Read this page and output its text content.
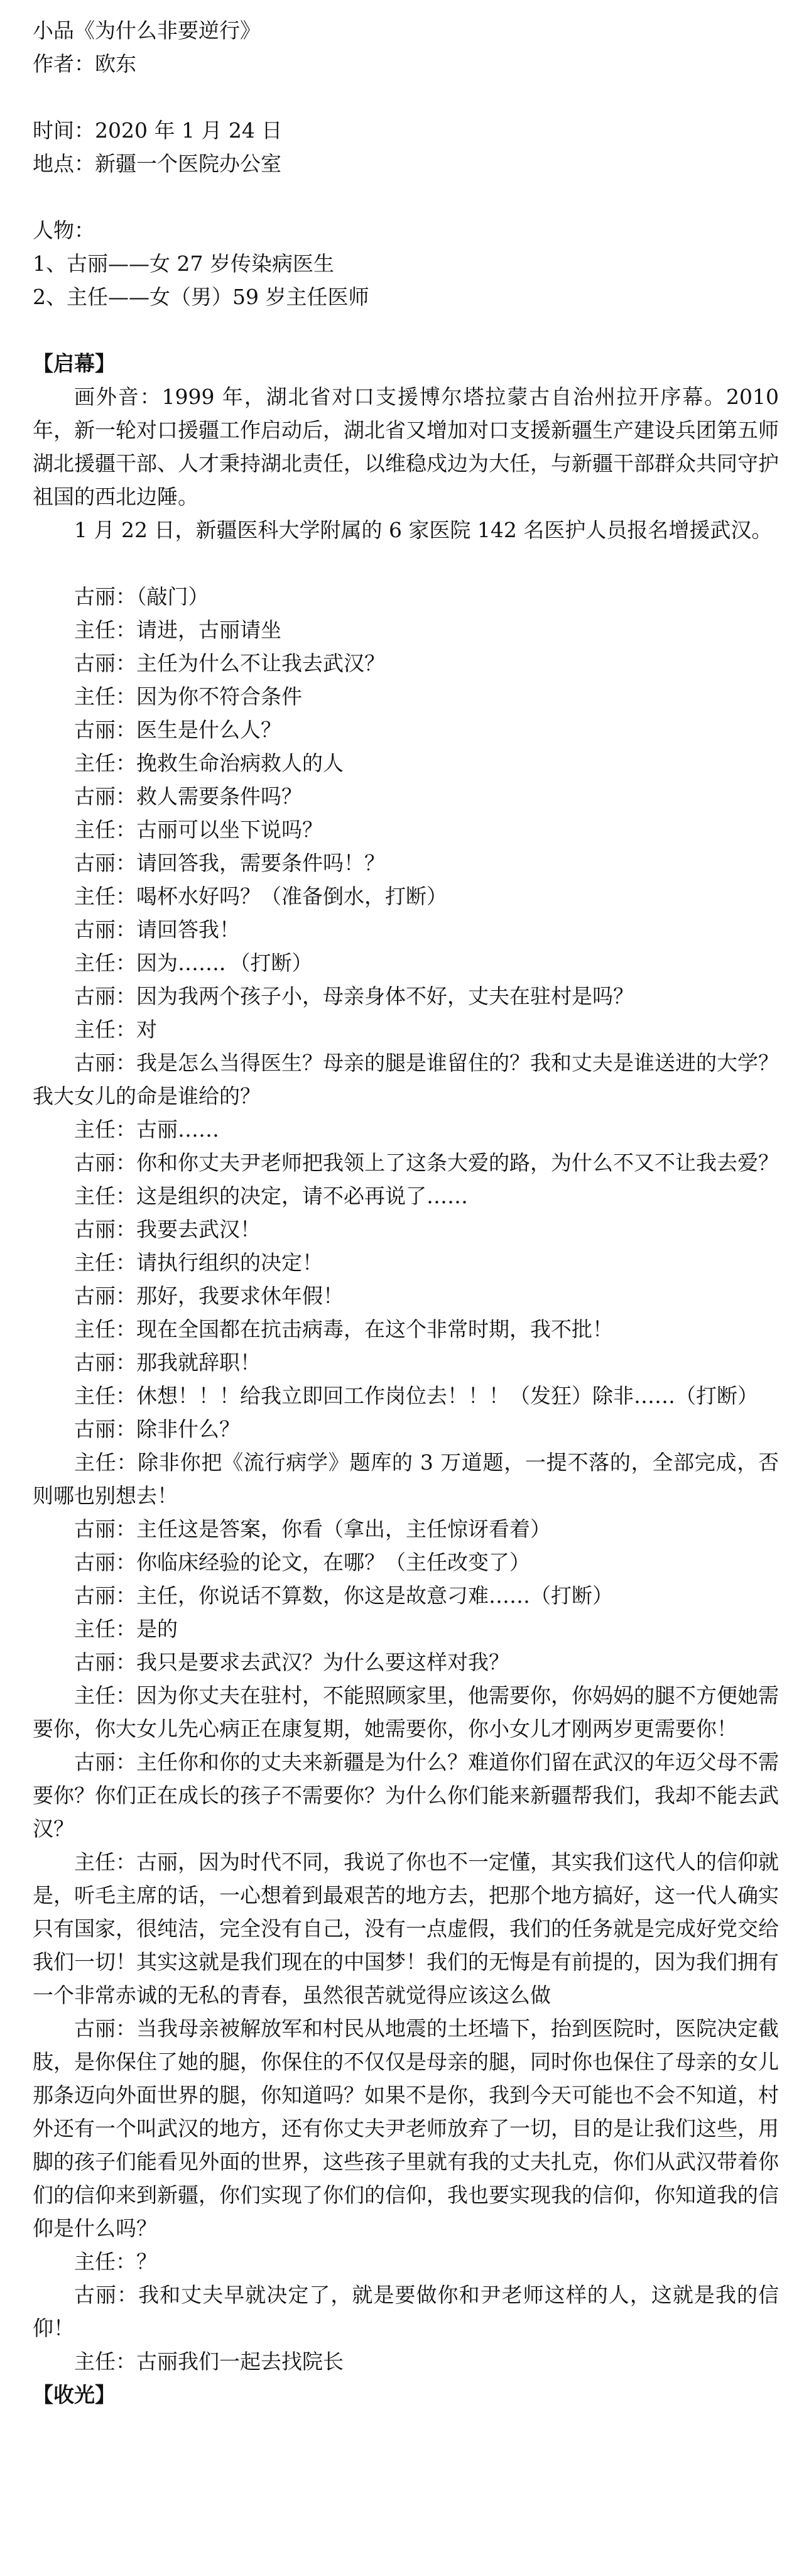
小品《为什么非要逆行》
作者：欧东
时间：2020 年 1 月 24 日
地点：新疆一个医院办公室
人物：
1、古丽——女 27 岁传染病医生
2、主任——女（男）59 岁主任医师
【启幕】
画外音：1999 年，湖北省对口支援博尔塔拉蒙古自治州拉开序幕。2010 年，新一轮对口援疆工作启动后，湖北省又增加对口支援新疆生产建设兵团第五师湖北援疆干部、人才秉持湖北责任，以维稳戍边为大任，与新疆干部群众共同守护祖国的西北边陲。
1 月 22 日，新疆医科大学附属的 6 家医院 142 名医护人员报名增援武汉。
古丽：（敲门）
主任：请进，古丽请坐
古丽：主任为什么不让我去武汉？
主任：因为你不符合条件
古丽：医生是什么人？
主任：挽救生命治病救人的人
古丽：救人需要条件吗？
主任：古丽可以坐下说吗？
古丽：请回答我，需要条件吗！？
主任：喝杯水好吗？（准备倒水，打断）
古丽：请回答我！
主任：因为……．（打断）
古丽：因为我两个孩子小，母亲身体不好，丈夫在驻村是吗？
主任：对
古丽：我是怎么当得医生？母亲的腿是谁留住的？我和丈夫是谁送进的大学？我大女儿的命是谁给的？
主任：古丽……
古丽：你和你丈夫尹老师把我领上了这条大爱的路，为什么不又不让我去爱？
主任：这是组织的决定，请不必再说了……
古丽：我要去武汉！
主任：请执行组织的决定！
古丽：那好，我要求休年假！
主任：现在全国都在抗击病毒，在这个非常时期，我不批！
古丽：那我就辞职！
主任：休想！！！给我立即回工作岗位去！！！（发狂）除非……（打断）
古丽：除非什么？
主任：除非你把《流行病学》题库的 3 万道题，一提不落的，全部完成，否则哪也别想去！
古丽：主任这是答案，你看（拿出，主任惊讶看着）
古丽：你临床经验的论文，在哪？（主任改变了）
古丽：主任，你说话不算数，你这是故意刁难……（打断）
主任：是的
古丽：我只是要求去武汉？为什么要这样对我？
主任：因为你丈夫在驻村，不能照顾家里，他需要你，你妈妈的腿不方便她需要你，你大女儿先心病正在康复期，她需要你，你小女儿才刚两岁更需要你！
古丽：主任你和你的丈夫来新疆是为什么？难道你们留在武汉的年迈父母不需要你？你们正在成长的孩子不需要你？为什么你们能来新疆帮我们，我却不能去武汉？
主任：古丽，因为时代不同，我说了你也不一定懂，其实我们这代人的信仰就是，听毛主席的话，一心想着到最艰苦的地方去，把那个地方搞好，这一代人确实只有国家，很纯洁，完全没有自己，没有一点虚假，我们的任务就是完成好党交给我们一切！其实这就是我们现在的中国梦！我们的无悔是有前提的，因为我们拥有一个非常赤诚的无私的青春，虽然很苦就觉得应该这么做
古丽：当我母亲被解放军和村民从地震的土坯墙下，抬到医院时，医院决定截肢，是你保住了她的腿，你保住的不仅仅是母亲的腿，同时你也保住了母亲的女儿那条迈向外面世界的腿，你知道吗？如果不是你，我到今天可能也不会不知道，村外还有一个叫武汉的地方，还有你丈夫尹老师放弃了一切，目的是让我们这些，用脚的孩子们能看见外面的世界，这些孩子里就有我的丈夫扎克，你们从武汉带着你们的信仰来到新疆，你们实现了你们的信仰，我也要实现我的信仰，你知道我的信仰是什么吗？
主任：？
古丽：我和丈夫早就决定了，就是要做你和尹老师这样的人，这就是我的信仰！
主任：古丽我们一起去找院长
【收光】
